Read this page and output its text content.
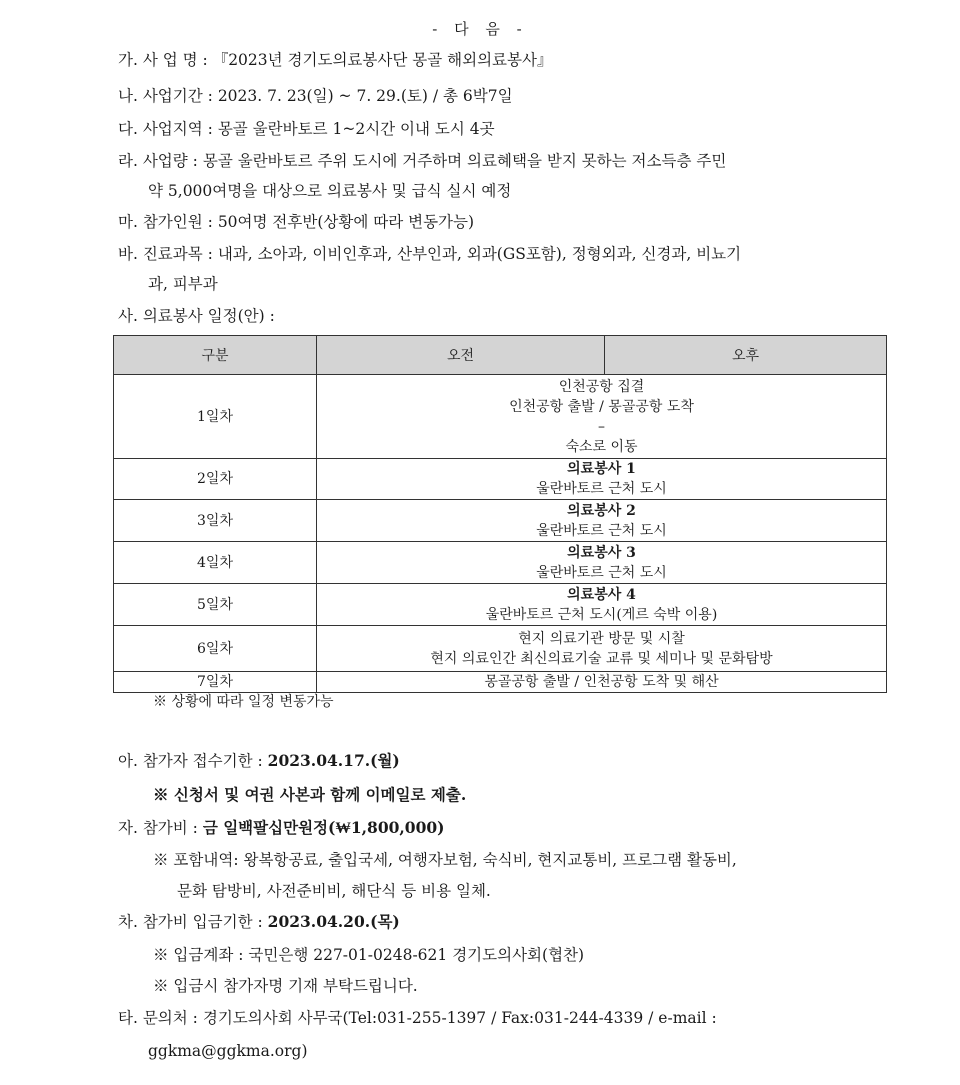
- 다 음 -
가. 사 업 명 : 『2023년 경기도의료봉사단 몽골 해외의료봉사』
나. 사업기간 : 2023. 7. 23(일) ~ 7. 29.(토) / 총 6박7일
다. 사업지역 : 몽골 울란바토르 1~2시간 이내 도시 4곳
라. 사업량 : 몽골 울란바토르 주위 도시에 거주하며 의료혜택을 받지 못하는 저소득층 주민
약 5,000여명을 대상으로 의료봉사 및 급식 실시 예정
마. 참가인원 : 50여명 전후반(상황에 따라 변동가능)
바. 진료과목 : 내과, 소아과, 이비인후과, 산부인과, 외과(GS포함), 정형외과, 신경과, 비뇨기
과, 피부과
사. 의료봉사 일정(안) :
구분	오전	오후
1일차	인천공항 집결
인천공항 출발 / 몽골공항 도착
–
숙소로 이동	

2일차	의료봉사 1
울란바토르 근처 도시	

3일차	의료봉사 2
울란바토르 근처 도시	

4일차	의료봉사 3
울란바토르 근처 도시	

5일차	의료봉사 4
울란바토르 근처 도시(게르 숙박 이용)	

6일차	현지 의료기관 방문 및 시찰
현지 의료인간 최신의료기술 교류 및 세미나 및 문화탐방	

7일차	몽골공항 출발 / 인천공항 도착 및 해산	
※ 상황에 따라 일정 변동가능
아. 참가자 접수기한 : 2023.04.17.(월)
※ 신청서 및 여권 사본과 함께 이메일로 제출.
자. 참가비 : 금 일백팔십만원정(₩1,800,000)
※ 포함내역: 왕복항공료, 출입국세, 여행자보험, 숙식비, 현지교통비, 프로그램 활동비,
문화 탐방비, 사전준비비, 해단식 등 비용 일체.
차. 참가비 입금기한 : 2023.04.20.(목)
※ 입금계좌 : 국민은행 227-01-0248-621 경기도의사회(협찬)
※ 입금시 참가자명 기재 부탁드립니다.
타. 문의처 : 경기도의사회 사무국(Tel:031-255-1397 / Fax:031-244-4339 / e-mail :
ggkma@ggkma.org)
